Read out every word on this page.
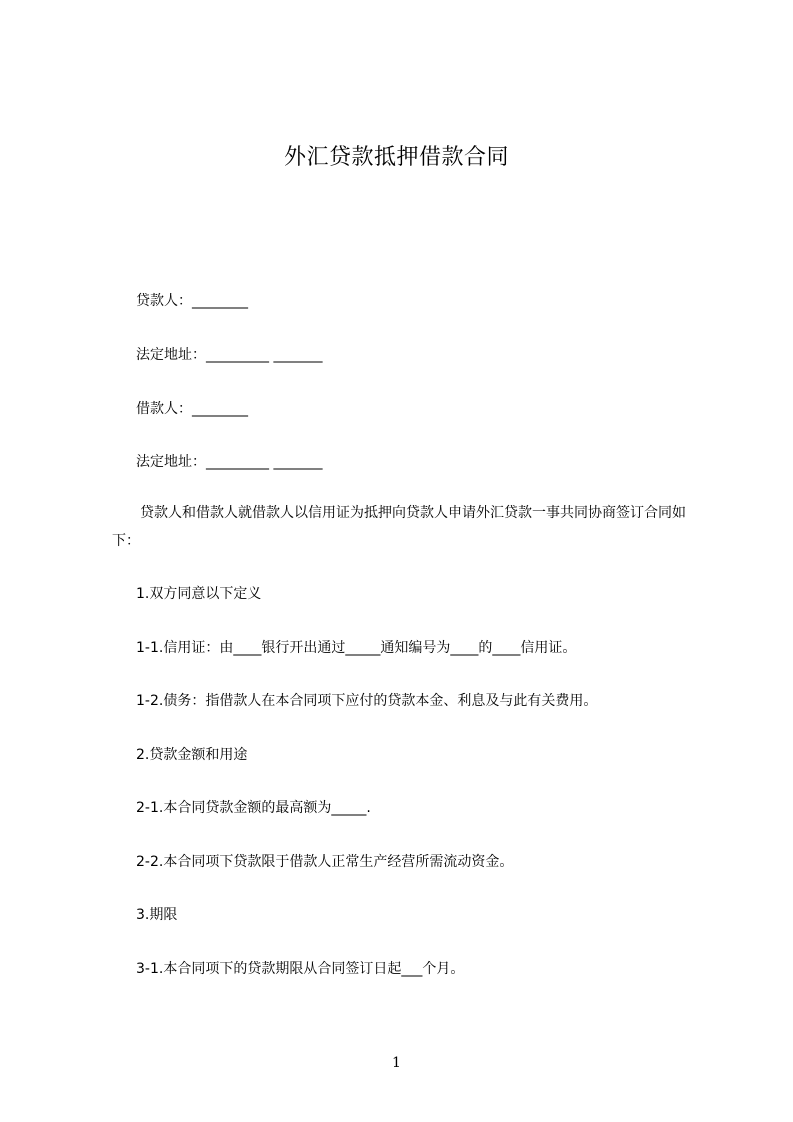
外汇贷款抵押借款合同
贷款人：________
法定地址：_________ _______
借款人：________
法定地址：_________ _______
贷款人和借款人就借款人以信用证为抵押向贷款人申请外汇贷款一事共同协商签订合同如下：
1.双方同意以下定义
1-1.信用证：由____银行开出通过_____通知编号为____的____信用证。
1-2.债务：指借款人在本合同项下应付的贷款本金、利息及与此有关费用。
2.贷款金额和用途
2-1.本合同贷款金额的最高额为_____.
2-2.本合同项下贷款限于借款人正常生产经营所需流动资金。
3.期限
3-1.本合同项下的贷款期限从合同签订日起___个月。
1
